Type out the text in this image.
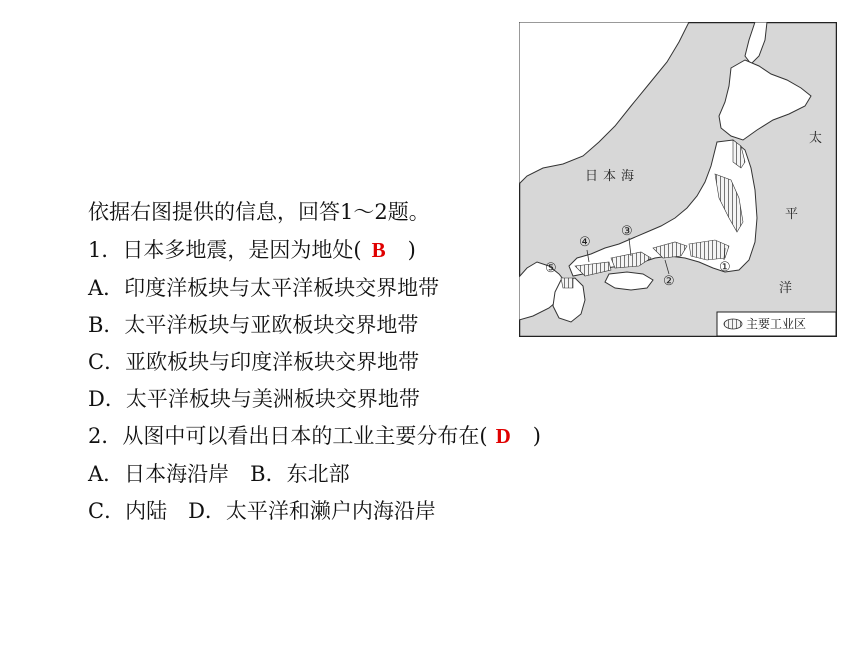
依据右图提供的信息，回答1～2题。
1．日本多地震，是因为地处( B )
A．印度洋板块与太平洋板块交界地带
B．太平洋板块与亚欧板块交界地带
C．亚欧板块与印度洋板块交界地带
D．太平洋板块与美洲板块交界地带
2．从图中可以看出日本的工业主要分布在( D )
A．日本海沿岸　B．东北部
C．内陆　D．太平洋和濑户内海沿岸
日本海
太
平
洋
①
②
③
④
⑤
主要工业区
